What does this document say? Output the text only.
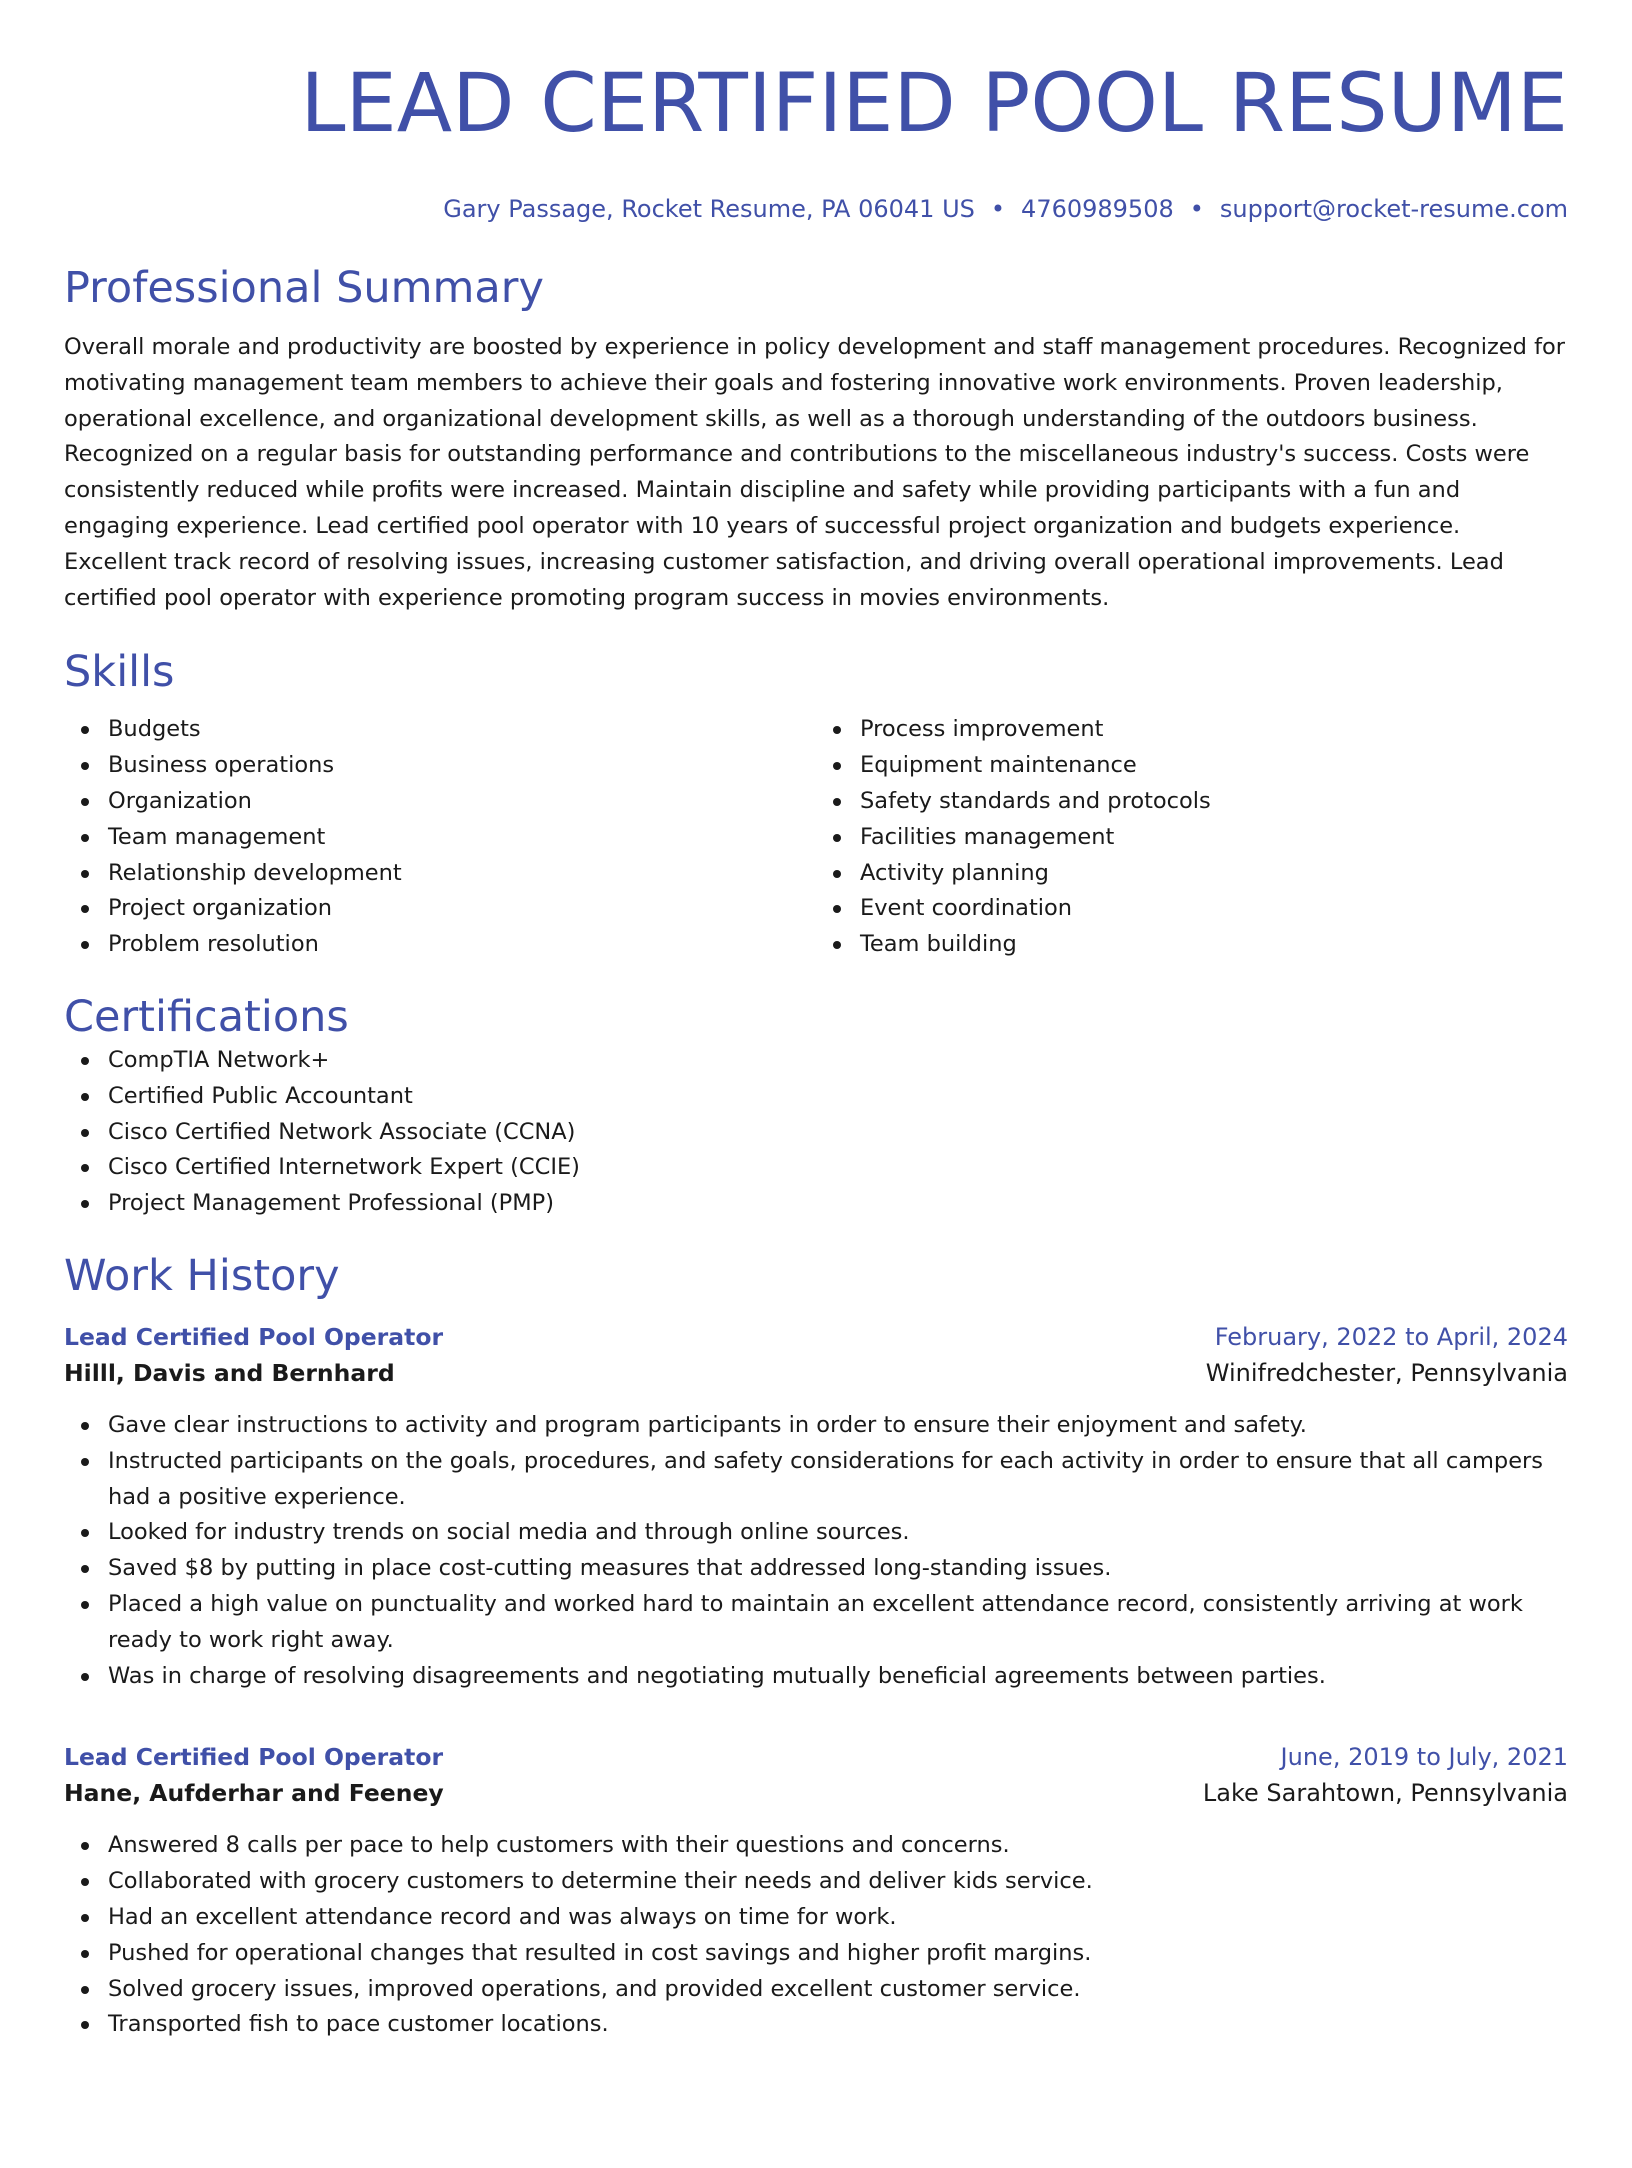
LEAD CERTIFIED POOL RESUME
Gary Passage, Rocket Resume, PA 06041 US • 4760989508 • support@rocket-resume.com
Professional Summary
Overall morale and productivity are boosted by experience in policy development and staff management procedures. Recognized for motivating management team members to achieve their goals and fostering innovative work environments. Proven leadership, operational excellence, and organizational development skills, as well as a thorough understanding of the outdoors business. Recognized on a regular basis for outstanding performance and contributions to the miscellaneous industry's success. Costs were consistently reduced while profits were increased. Maintain discipline and safety while providing participants with a fun and engaging experience. Lead certified pool operator with 10 years of successful project organization and budgets experience. Excellent track record of resolving issues, increasing customer satisfaction, and driving overall operational improvements. Lead certified pool operator with experience promoting program success in movies environments.
Skills
Budgets
Business operations
Organization
Team management
Relationship development
Project organization
Problem resolution
Process improvement
Equipment maintenance
Safety standards and protocols
Facilities management
Activity planning
Event coordination
Team building
Certifications
CompTIA Network+
Certified Public Accountant
Cisco Certified Network Associate (CCNA)
Cisco Certified Internetwork Expert (CCIE)
Project Management Professional (PMP)
Work History
Lead Certified Pool Operator	February, 2022 to April, 2024
Hilll, Davis and Bernhard	Winifredchester, Pennsylvania
Gave clear instructions to activity and program participants in order to ensure their enjoyment and safety.
Instructed participants on the goals, procedures, and safety considerations for each activity in order to ensure that all campers had a positive experience.
Looked for industry trends on social media and through online sources.
Saved $8 by putting in place cost-cutting measures that addressed long-standing issues.
Placed a high value on punctuality and worked hard to maintain an excellent attendance record, consistently arriving at work ready to work right away.
Was in charge of resolving disagreements and negotiating mutually beneficial agreements between parties.
Lead Certified Pool Operator	June, 2019 to July, 2021
Hane, Aufderhar and Feeney	Lake Sarahtown, Pennsylvania
Answered 8 calls per pace to help customers with their questions and concerns.
Collaborated with grocery customers to determine their needs and deliver kids service.
Had an excellent attendance record and was always on time for work.
Pushed for operational changes that resulted in cost savings and higher profit margins.
Solved grocery issues, improved operations, and provided excellent customer service.
Transported fish to pace customer locations.
